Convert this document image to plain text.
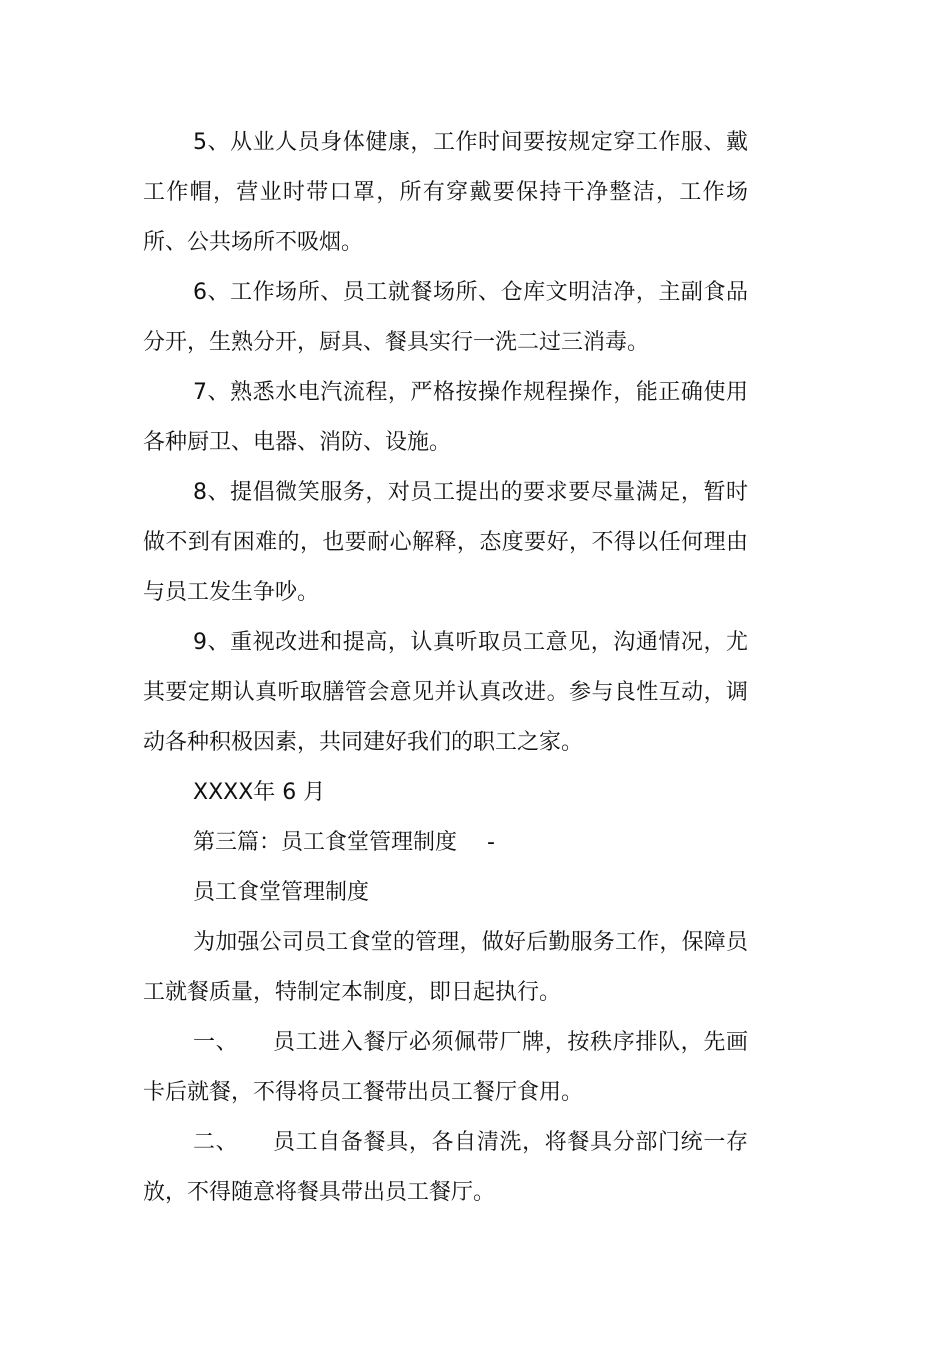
5、从业人员身体健康，工作时间要按规定穿工作服、戴工作帽，营业时带口罩，所有穿戴要保持干净整洁，工作场所、公共场所不吸烟。

6、工作场所、员工就餐场所、仓库文明洁净，主副食品分开，生熟分开，厨具、餐具实行一洗二过三消毒。

7、熟悉水电汽流程，严格按操作规程操作，能正确使用各种厨卫、电器、消防、设施。

8、提倡微笑服务，对员工提出的要求要尽量满足，暂时做不到有困难的，也要耐心解释，态度要好，不得以任何理由与员工发生争吵。

9、重视改进和提高，认真听取员工意见，沟通情况，尤其要定期认真听取膳管会意见并认真改进。参与良性互动，调动各种积极因素，共同建好我们的职工之家。

XXXX年 6 月

第三篇：员工食堂管理制度 -

员工食堂管理制度

为加强公司员工食堂的管理，做好后勤服务工作，保障员工就餐质量，特制定本制度，即日起执行。

一、 员工进入餐厅必须佩带厂牌，按秩序排队，先画卡后就餐，不得将员工餐带出员工餐厅食用。

二、 员工自备餐具，各自清洗，将餐具分部门统一存放，不得随意将餐具带出员工餐厅。
